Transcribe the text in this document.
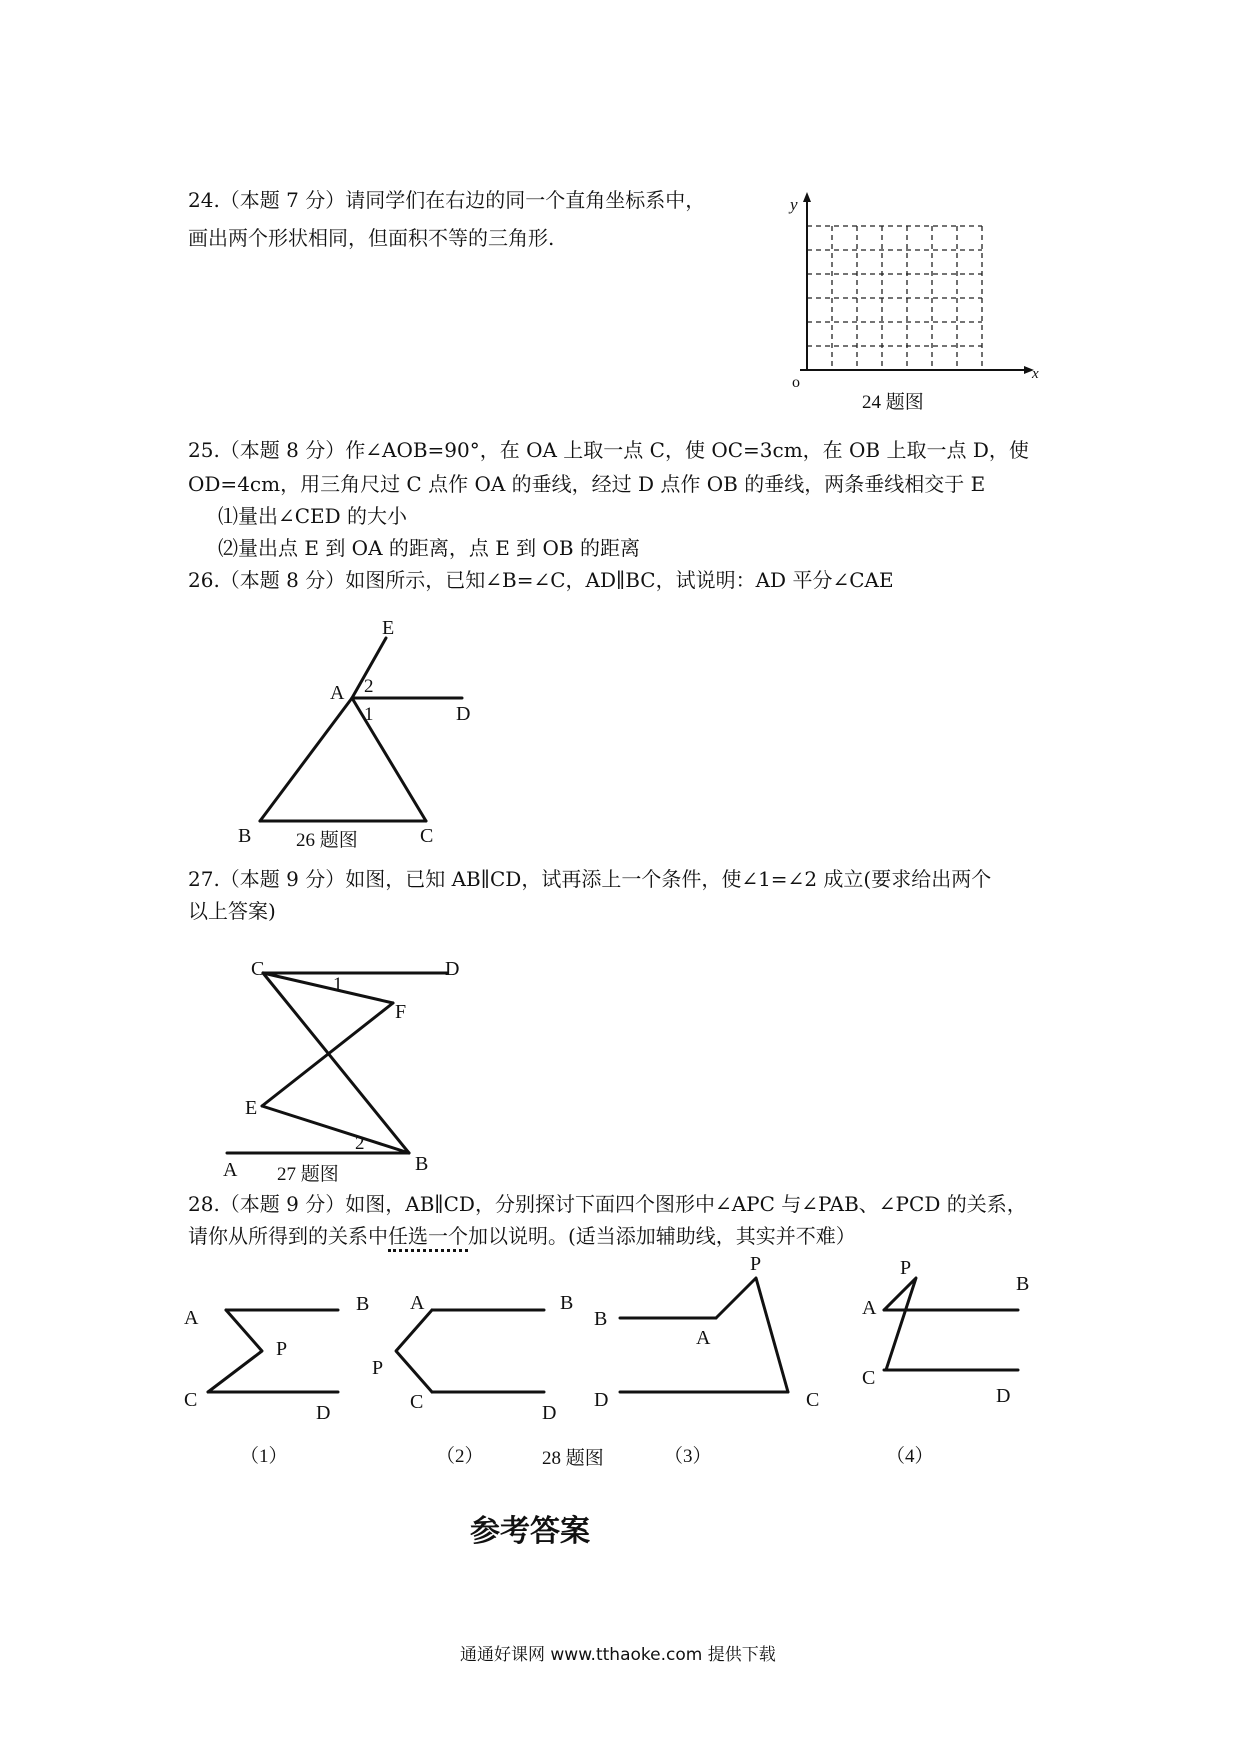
24.（本题 7 分）请同学们在右边的同一个直角坐标系中，
画出两个形状相同，但面积不等的三角形.
y
x
o
24 题图
25.（本题 8 分）作∠AOB=90°，在 OA 上取一点 C，使 OC=3cm，在 OB 上取一点 D，使
OD=4cm，用三角尺过 C 点作 OA 的垂线，经过 D 点作 OB 的垂线，两条垂线相交于 E
⑴量出∠CED 的大小
⑵量出点 E 到 OA 的距离，点 E 到 OB 的距离
26.（本题 8 分）如图所示，已知∠B=∠C，AD∥BC，试说明：AD 平分∠CAE
E
A
D
B	C
2
1
26 题图
27.（本题 9 分）如图，已知 AB∥CD，试再添上一个条件，使∠1=∠2 成立(要求给出两个
以上答案)
C	D
F
E
A	B
1
2
27 题图
28.（本题 9 分）如图，AB∥CD，分别探讨下面四个图形中∠APC 与∠PAB、∠PCD 的关系，
请你从所得到的关系中任选一个加以说明。(适当添加辅助线，其实并不难）
A
B
P
C
D
（1）
A	B
P
C	D
（2）
P
B
A
D	C
（3）
P
B
A
C
D
（4）
28 题图
参考答案
通通好课网 www.tthaoke.com 提供下载
